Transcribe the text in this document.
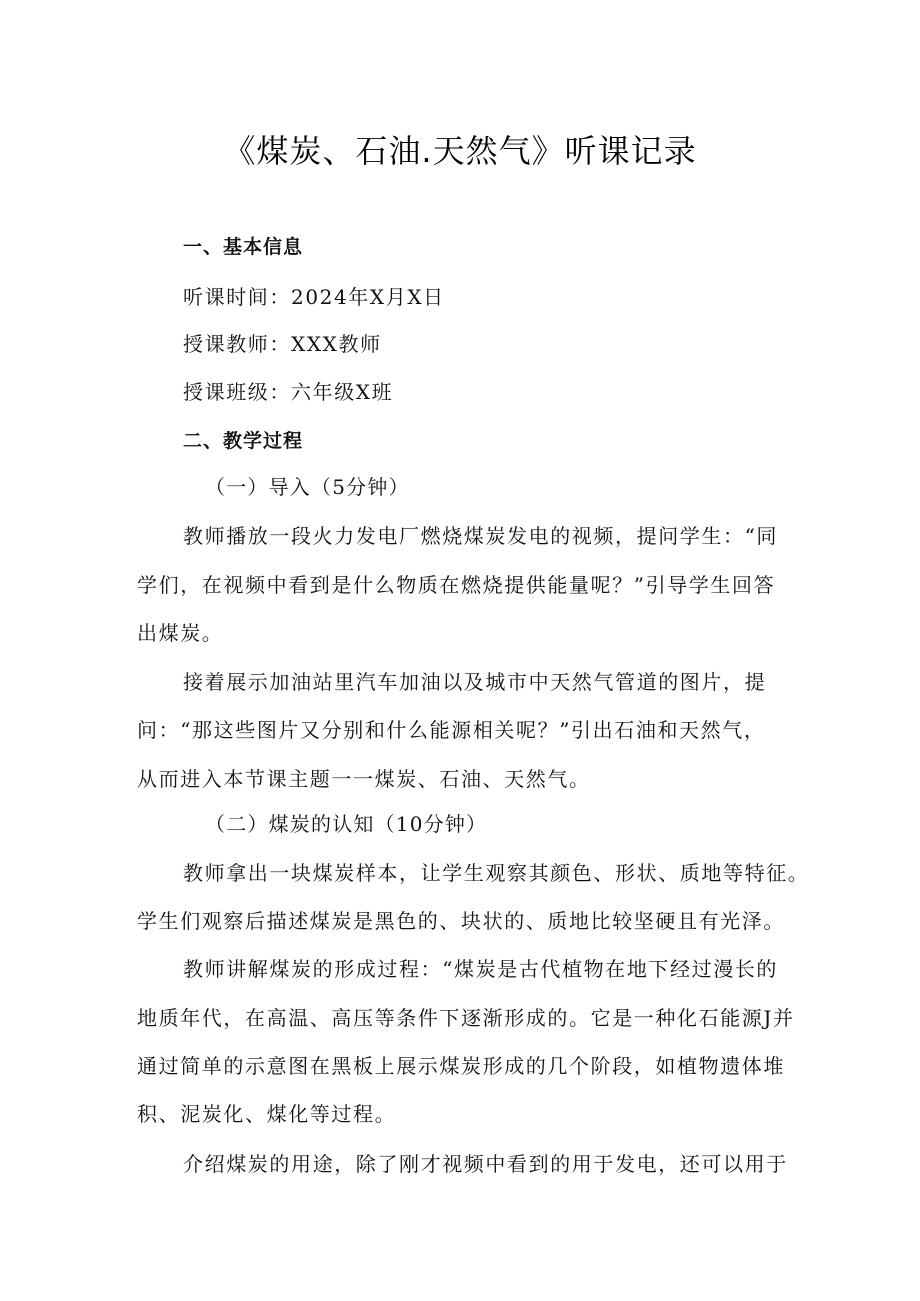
《煤炭、石油.天然气》听课记录
一、基本信息
听课时间：2024年X月X日
授课教师：XXX教师
授课班级：六年级X班
二、教学过程
（一）导入（5分钟）
教师播放一段火力发电厂燃烧煤炭发电的视频，提问学生：“同
学们，在视频中看到是什么物质在燃烧提供能量呢？”引导学生回答
出煤炭。
接着展示加油站里汽车加油以及城市中天然气管道的图片，提
问：“那这些图片又分别和什么能源相关呢？”引出石油和天然气，
从而进入本节课主题一一煤炭、石油、天然气。
（二）煤炭的认知（10分钟）
教师拿出一块煤炭样本，让学生观察其颜色、形状、质地等特征。
学生们观察后描述煤炭是黑色的、块状的、质地比较坚硬且有光泽。
教师讲解煤炭的形成过程：“煤炭是古代植物在地下经过漫长的
地质年代，在高温、高压等条件下逐渐形成的。它是一种化石能源J并
通过简单的示意图在黑板上展示煤炭形成的几个阶段，如植物遗体堆
积、泥炭化、煤化等过程。
介绍煤炭的用途，除了刚才视频中看到的用于发电，还可以用于
